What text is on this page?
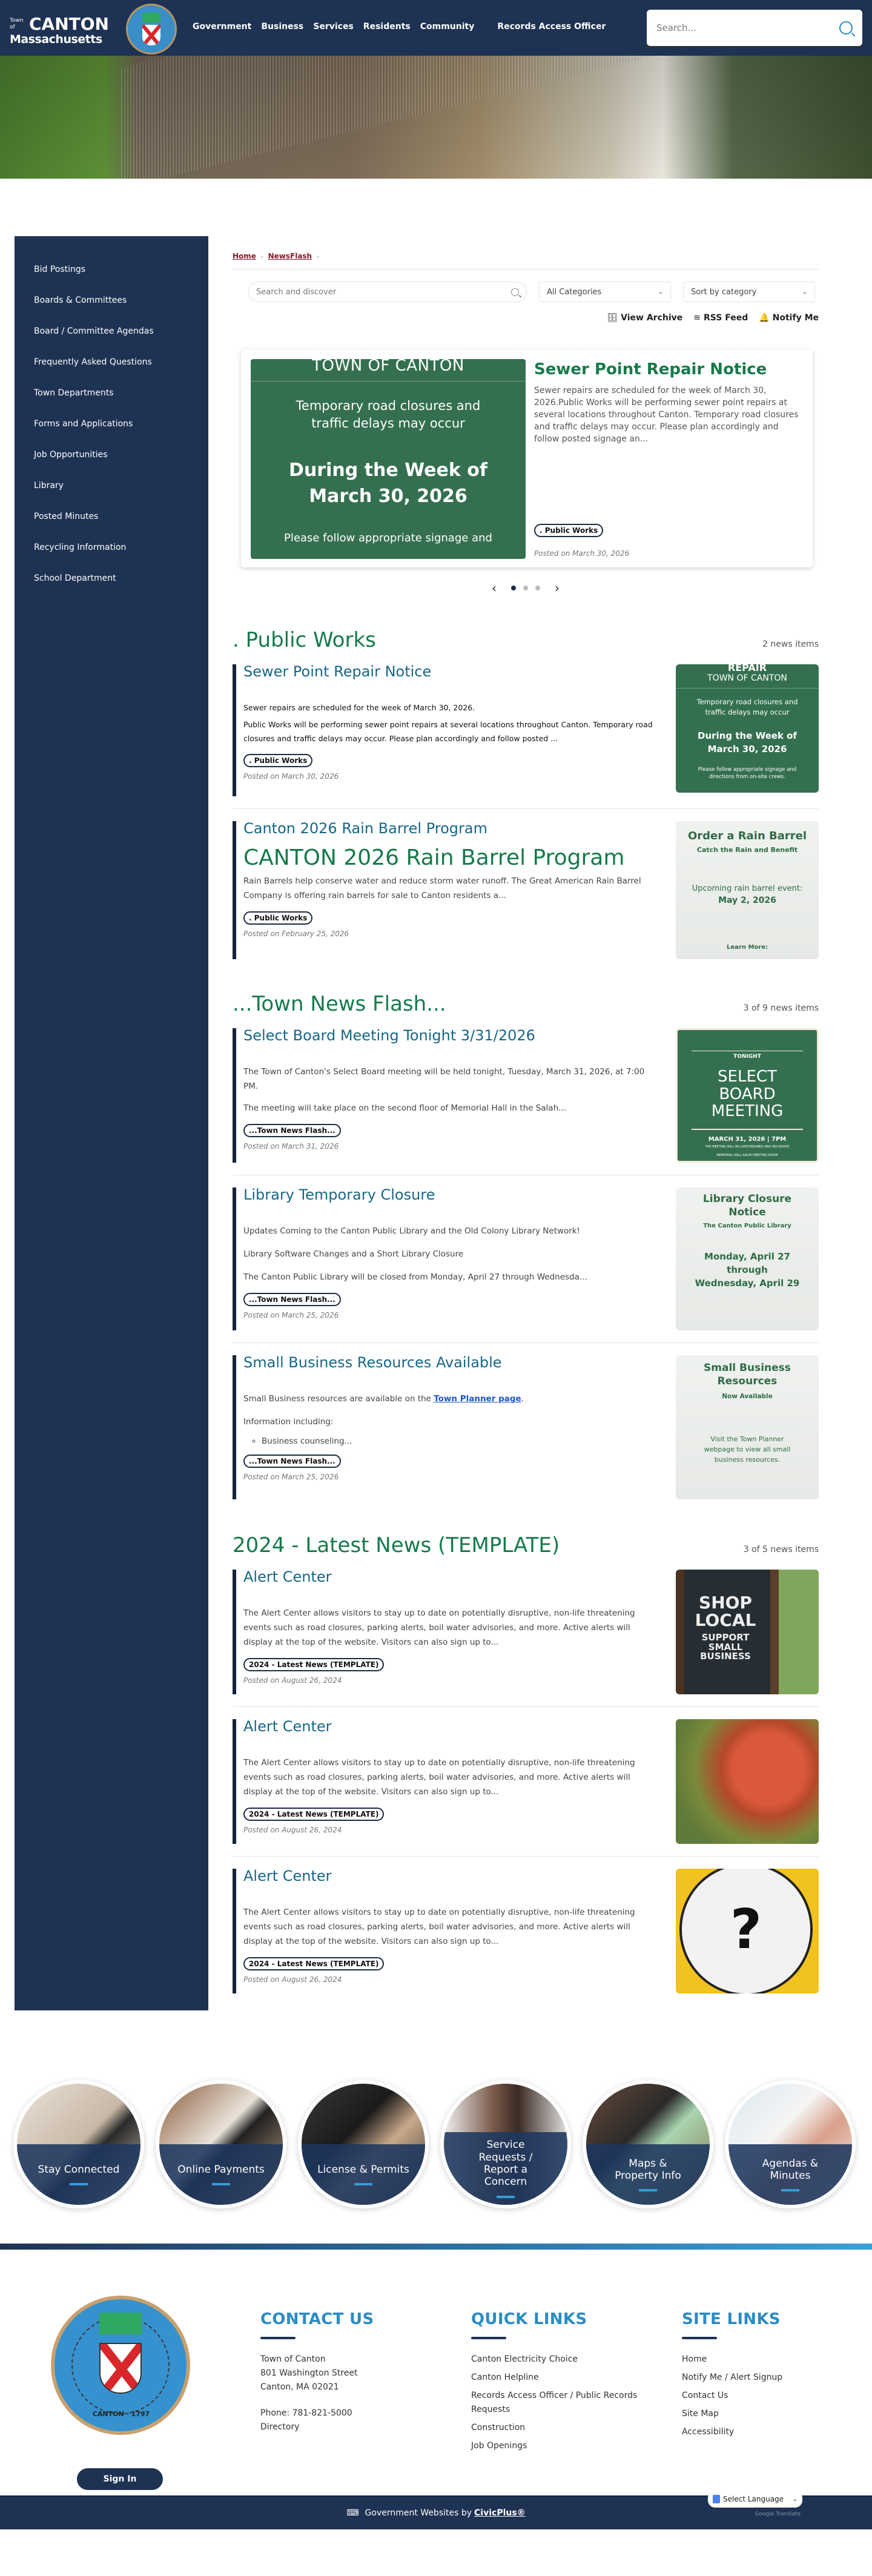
Town
of CANTON
Massachusetts
Government Business Services Residents Community	Records Access Officer
Search...
Bid Postings
Boards & Committees
Board / Committee Agendas
Frequently Asked Questions
Town Departments
Forms and Applications
Job Opportunities
Library
Posted Minutes
Recycling Information
School Department
Home › NewsFlash ›
Search and discover
All Categories	⌄	Sort by category	⌄
🗄 View Archive ≋ RSS Feed 🔔 Notify Me
TOWN OF CANTON
Temporary road closures and
traffic delays may occur
During the Week of
March 30, 2026
Please follow appropriate signage and
Sewer Point Repair Notice

Sewer repairs are scheduled for the week of March 30, 2026.Public Works will be performing sewer point repairs at several locations throughout Canton. Temporary road closures and traffic delays may occur. Please plan accordingly and follow posted signage an...

. Public Works
Posted on March 30, 2026
‹	›
. Public Works	2 news items
Sewer Point Repair Notice

Sewer repairs are scheduled for the week of March 30, 2026.

Public Works will be performing sewer point repairs at several locations throughout Canton. Temporary road closures and traffic delays may occur. Please plan accordingly and follow posted ...

. Public Works
Posted on March 30, 2026
REPAIR
TOWN OF CANTON
Temporary road closures and traffic delays may occur
During the Week of March 30, 2026
Please follow appropriate signage and directions from on-site crews.
Canton 2026 Rain Barrel Program
CANTON 2026 Rain Barrel Program

Rain Barrels help conserve water and reduce storm water runoff. The Great American Rain Barrel Company is offering rain barrels for sale to Canton residents a...

. Public Works
Posted on February 25, 2026
Order a Rain Barrel
Catch the Rain and Benefit
Upcoming rain barrel event:
May 2, 2026
Learn More:
...Town News Flash...	3 of 9 news items
Select Board Meeting Tonight 3/31/2026

The Town of Canton's Select Board meeting will be held tonight, Tuesday, March 31, 2026, at 7:00 PM.

The meeting will take place on the second floor of Memorial Hall in the Salah...

...Town News Flash...
Posted on March 31, 2026
TONIGHT
SELECT
BOARD
MEETING
MARCH 31, 2026 | 7PM
THE MEETING WILL BE LIVESTREAMED AND RECORDED
MEMORIAL HALL SALAH MEETING ROOM
Library Temporary Closure

Updates Coming to the Canton Public Library and the Old Colony Library Network!

Library Software Changes and a Short Library Closure

The Canton Public Library will be closed from Monday, April 27 through Wednesda...

...Town News Flash...
Posted on March 25, 2026
Library Closure Notice
The Canton Public Library
Monday, April 27
through
Wednesday, April 29
Small Business Resources Available

Small Business resources are available on the Town Planner page.

Information including:

◦ Business counseling...
...Town News Flash...
Posted on March 25, 2026
Small Business Resources
Now Available
Visit the Town Planner webpage to view all small business resources.
2024 - Latest News (TEMPLATE)	3 of 5 news items
Alert Center

The Alert Center allows visitors to stay up to date on potentially disruptive, non-life threatening events such as road closures, parking alerts, boil water advisories, and more. Active alerts will display at the top of the website. Visitors can also sign up to...

2024 - Latest News (TEMPLATE)
Posted on August 26, 2024
SHOP
LOCAL
SUPPORT
SMALL
BUSINESS
Alert Center

The Alert Center allows visitors to stay up to date on potentially disruptive, non-life threatening events such as road closures, parking alerts, boil water advisories, and more. Active alerts will display at the top of the website. Visitors can also sign up to...

2024 - Latest News (TEMPLATE)
Posted on August 26, 2024
Alert Center

The Alert Center allows visitors to stay up to date on potentially disruptive, non-life threatening events such as road closures, parking alerts, boil water advisories, and more. Active alerts will display at the top of the website. Visitors can also sign up to...

2024 - Latest News (TEMPLATE)
Posted on August 26, 2024
?
Stay Connected	Online Payments	License & Permits
Service Requests / Report a Concern
Maps & Property Info
Agendas & Minutes
CANTON · 1797
Sign In
CONTACT US
Town of Canton
801 Washington Street
Canton, MA 02021
Phone: 781-821-5000
Directory
QUICK LINKS
Canton Electricity Choice
Canton Helpline
Records Access Officer / Public Records Requests
Construction
Job Openings
SITE LINKS
Home
Notify Me / Alert Signup
Contact Us
Site Map
Accessibility
⌨ Government Websites by CivicPlus®
Select Language ⌄
Google Translate
